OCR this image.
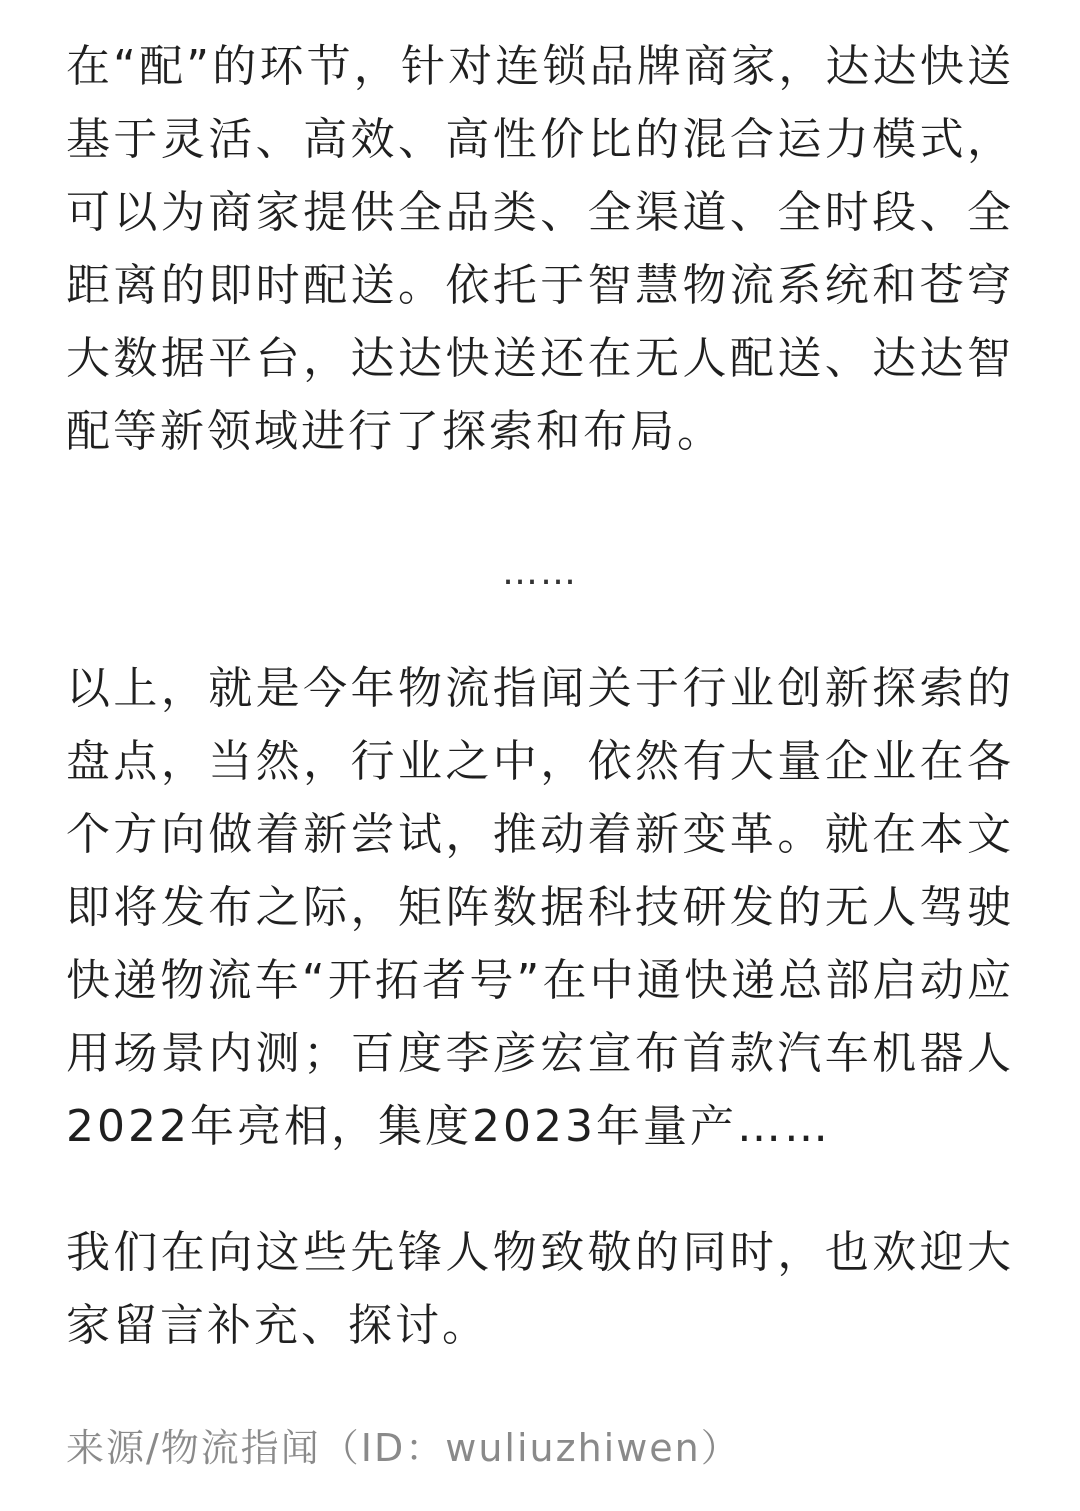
在“配”的环节，针对连锁品牌商家，达达快送基于灵活、高效、高性价比的混合运力模式，可以为商家提供全品类、全渠道、全时段、全距离的即时配送。依托于智慧物流系统和苍穹大数据平台，达达快送还在无人配送、达达智配等新领域进行了探索和布局。

……

以上，就是今年物流指闻关于行业创新探索的盘点，当然，行业之中，依然有大量企业在各个方向做着新尝试，推动着新变革。就在本文即将发布之际，矩阵数据科技研发的无人驾驶快递物流车“开拓者号”在中通快递总部启动应用场景内测；百度李彦宏宣布首款汽车机器人2022年亮相，集度2023年量产……

我们在向这些先锋人物致敬的同时，也欢迎大家留言补充、探讨。

来源/物流指闻（ID：wuliuzhiwen）
